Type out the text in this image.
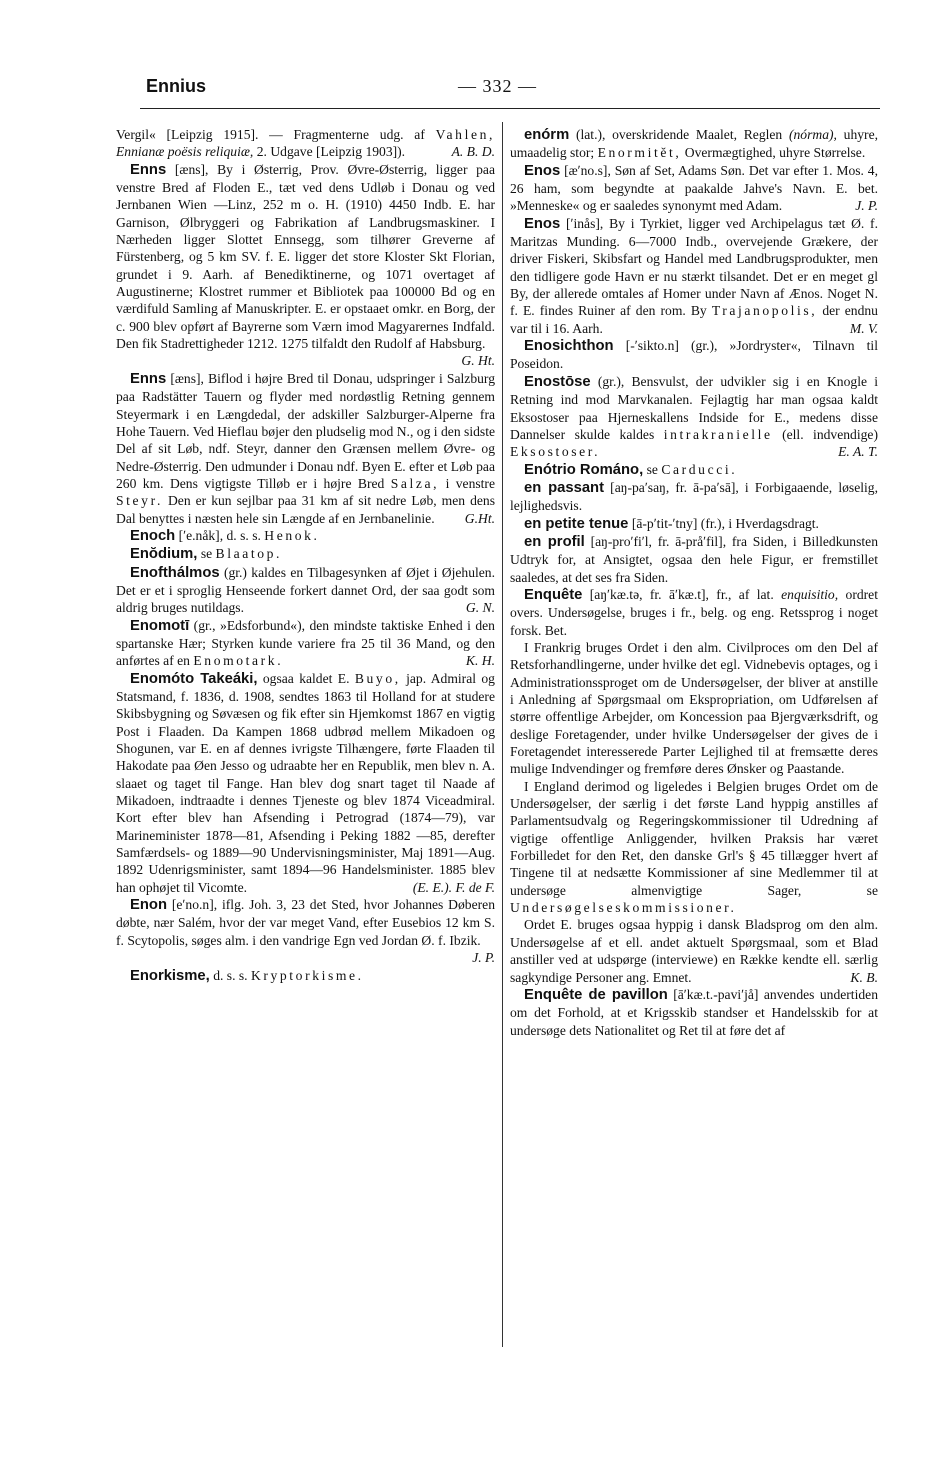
Ennius	— 332 —

Vergil« [Leipzig 1915]. — Fragmenterne udg. af Vahlen, Ennianæ poësis reliquiæ, 2. Udgave [Leipzig 1903]).	A. B. D.

Enns [æns], By i Østerrig, Prov. Øvre-Østerrig, ligger paa venstre Bred af Floden E., tæt ved dens Udløb i Donau og ved Jernbanen Wien —Linz, 252 m o. H. (1910) 4450 Indb. E. har Garnison, Ølbryggeri og Fabrikation af Landbrugsmaskiner. I Nærheden ligger Slottet Ennsegg, som tilhører Greverne af Fürstenberg, og 5 km SV. f. E. ligger det store Kloster Skt Florian, grundet i 9. Aarh. af Benediktinerne, og 1071 overtaget af Augustinerne; Klostret rummer et Bibliotek paa 100000 Bd og en værdifuld Samling af Manuskripter. E. er opstaaet omkr. en Borg, der c. 900 blev opført af Bayrerne som Værn imod Magyarernes Indfald. Den fik Stadrettigheder 1212. 1275 tilfaldt den Rudolf af Habsburg.
G. Ht.

Enns [æns], Biflod i højre Bred til Donau, udspringer i Salzburg paa Radstätter Tauern og flyder med nordøstlig Retning gennem Steyermark i en Længdedal, der adskiller Salzburger-Alperne fra Hohe Tauern. Ved Hieflau bøjer den pludselig mod N., og i den sidste Del af sit Løb, ndf. Steyr, danner den Grænsen mellem Øvre- og Nedre-Østerrig. Den udmunder i Donau ndf. Byen E. efter et Løb paa 260 km. Dens vigtigste Tilløb er i højre Bred Salza, i venstre Steyr. Den er kun sejlbar paa 31 km af sit nedre Løb, men dens Dal benyttes i næsten hele sin Længde af en Jernbanelinie.	G.Ht.

Enoch [ʹe.nåk], d. s. s. Henok.

Enŏdium, se Blaatop.

Enofthálmos (gr.) kaldes en Tilbagesynken af Øjet i Øjehulen. Det er et i sproglig Henseende forkert dannet Ord, der saa godt som aldrig bruges nutildags.	G. N.

Enomotī (gr., »Edsforbund«), den mindste taktiske Enhed i den spartanske Hær; Styrken kunde variere fra 25 til 36 Mand, og den anførtes af en Enomotark.	K. H.

Enomóto Takeáki, ogsaa kaldet E. Buyo, jap. Admiral og Statsmand, f. 1836, d. 1908, sendtes 1863 til Holland for at studere Skibsbygning og Søvæsen og fik efter sin Hjemkomst 1867 en vigtig Post i Flaaden. Da Kampen 1868 udbrød mellem Mikadoen og Shogunen, var E. en af dennes ivrigste Tilhængere, førte Flaaden til Hakodate paa Øen Jesso og udraabte her en Republik, men blev n. A. slaaet og taget til Fange. Han blev dog snart taget til Naade af Mikadoen, indtraadte i dennes Tjeneste og blev 1874 Viceadmiral. Kort efter blev han Afsending i Petrograd (1874—79), var Marineminister 1878—81, Afsending i Peking 1882 —85, derefter Samfærdsels- og 1889—90 Undervisningsminister, Maj 1891—Aug. 1892 Udenrigsminister, samt 1894—96 Handelsminister. 1885 blev han ophøjet til Vicomte.	(E. E.). F. de F.

Enon [eʹno.n], iflg. Joh. 3, 23 det Sted, hvor Johannes Døberen døbte, nær Salém, hvor der var meget Vand, efter Eusebios 12 km S. f. Scytopolis, søges alm. i den vandrige Egn ved Jordan Ø. f. Ibzik.
J. P.

Enorkisme, d. s. s. Kryptorkisme.

enórm (lat.), overskridende Maalet, Reglen (nórma), uhyre, umaadelig stor; Enormitĕt, Overmægtighed, uhyre Størrelse.

Enos [æʹno.s], Søn af Set, Adams Søn. Det var efter 1. Mos. 4, 26 ham, som begyndte at paakalde Jahve's Navn. E. bet. »Menneske« og er saaledes synonymt med Adam.	J. P.

Enos [ʹinås], By i Tyrkiet, ligger ved Archipelagus tæt Ø. f. Maritzas Munding. 6—7000 Indb., overvejende Grækere, der driver Fiskeri, Skibsfart og Handel med Landbrugsprodukter, men den tidligere gode Havn er nu stærkt tilsandet. Det er en meget gl By, der allerede omtales af Homer under Navn af Ænos. Noget N. f. E. findes Ruiner af den rom. By Trajanopolis, der endnu var til i 16. Aarh.	M. V.

Enosichthon [-ʹsikto.n] (gr.), »Jordryster«, Tilnavn til Poseidon.

Enostōse (gr.), Bensvulst, der udvikler sig i en Knogle i Retning ind mod Marvkanalen. Fejlagtig har man ogsaa kaldt Eksostoser paa Hjerneskallens Indside for E., medens disse Dannelser skulde kaldes intrakranielle (ell. indvendige) Eksostoser.	E. A. T.

Enótrio Románo, se Carducci.

en passant [aŋ-paʹsaŋ, fr. ā-paʹsā], i Forbigaaende, løselig, lejlighedsvis.

en petite tenue [ā-pʹtit-ʹtny] (fr.), i Hverdagsdragt.

en profil [aŋ-proʹfiʹl, fr. ā-pråʹfil], fra Siden, i Billedkunsten Udtryk for, at Ansigtet, ogsaa den hele Figur, er fremstillet saaledes, at det ses fra Siden.

Enquête [aŋʹkæ.tə, fr. āʹkæ.t], fr., af lat. enquisitio, ordret overs. Undersøgelse, bruges i fr., belg. og eng. Retssprog i noget forsk. Bet.

I Frankrig bruges Ordet i den alm. Civilproces om den Del af Retsforhandlingerne, under hvilke det egl. Vidnebevis optages, og i Administrationssproget om de Undersøgelser, der bliver at anstille i Anledning af Spørgsmaal om Ekspropriation, om Udførelsen af større offentlige Arbejder, om Koncession paa Bjergværksdrift, og deslige Foretagender, under hvilke Undersøgelser der gives de i Foretagendet interesserede Parter Lejlighed til at fremsætte deres mulige Indvendinger og fremføre deres Ønsker og Paastande.

I England derimod og ligeledes i Belgien bruges Ordet om de Undersøgelser, der særlig i det første Land hyppig anstilles af Parlamentsudvalg og Regeringskommissioner til Udredning af vigtige offentlige Anliggender, hvilken Praksis har været Forbilledet for den Ret, den danske Grl's § 45 tillægger hvert af Tingene til at nedsætte Kommissioner af sine Medlemmer til at undersøge almenvigtige Sager, se Undersøgelseskommissioner.

Ordet E. bruges ogsaa hyppig i dansk Bladsprog om den alm. Undersøgelse af et ell. andet aktuelt Spørgsmaal, som et Blad anstiller ved at udspørge (interviewe) en Række kendte ell. særlig sagkyndige Personer ang. Emnet.	K. B.

Enquête de pavillon [āʹkæ.t.-paviʹjå] anvendes undertiden om det Forhold, at et Krigsskib standser et Handelsskib for at undersøge dets Nationalitet og Ret til at føre det af
